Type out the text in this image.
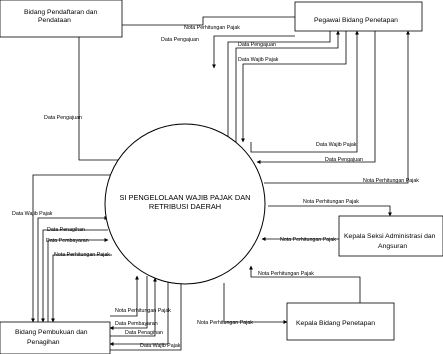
Bidang Pendaftaran dan
Pendataan	Pegawai Bidang Penetapan
Kepala Seksi Administrasi dan
Angsuran
Kepala Bidang Penetapan
Bidang Pembukuan dan
Penagihan
SI PENGELOLAAN WAJIB PAJAK DAN
RETRIBUSI DAERAH
Nota Perhitungan Pajak
Data Pengajuan
Data Pengajuan
Data Wajib Pajak
Data Pengajuan
Data Wajib Pajak
Data Pengajuan
Nota Perhitungan Pajak
Nota Perhitungan Pajak
Nota Perhitungan Pajak
Nota Perhitungan Pajak
Nota Perhitungan Pajak
Data Wajib Pajak
Data Penagihan
Data Pembayaran
Nota Perhitungan Pajak
Nota Perhitungan Pajak
Data Pembayaran
Data Penagihan
Data Wajib Pajak
